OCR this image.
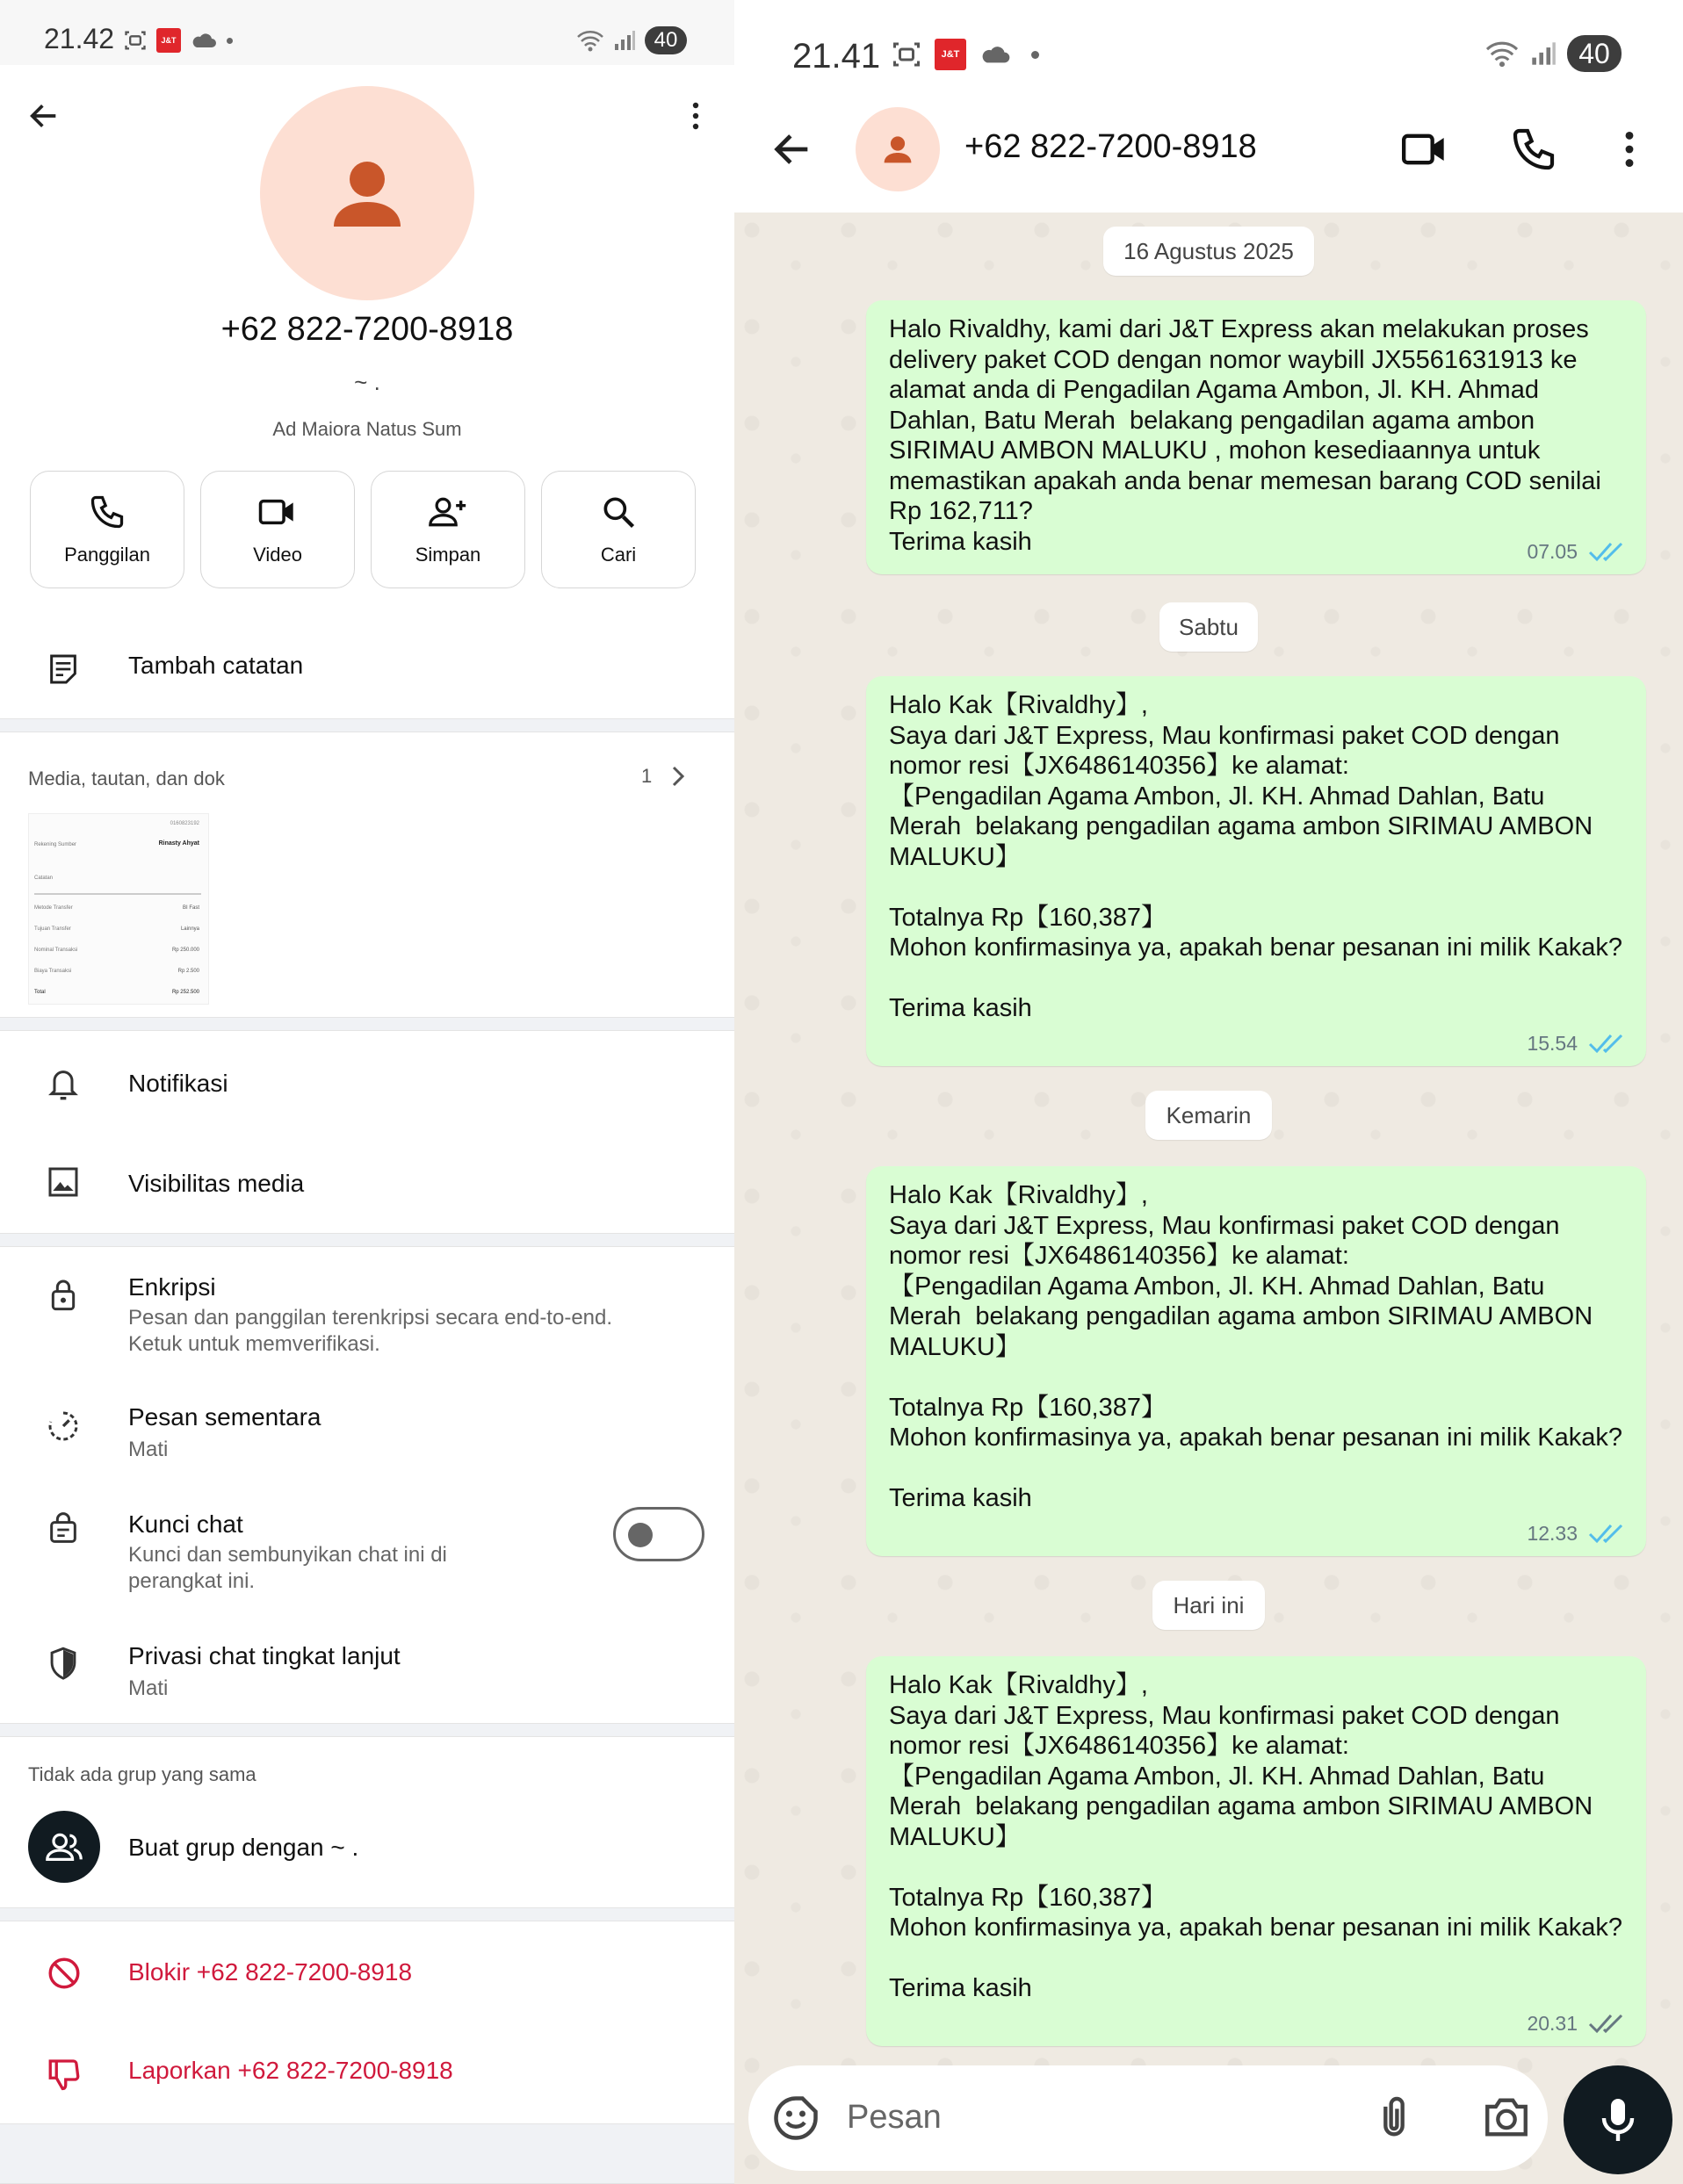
21.42	J&T	40
+62 822-7200-8918
~ .
Ad Maiora Natus Sum
Panggilan	Video	Simpan	Cari
Tambah catatan
Media, tautan, dan dok	1
0160823192
Rekening Sumber	Rinasty Ahyat
Catatan
Metode Transfer	BI Fast
Tujuan Transfer	Lainnya
Nominal Transaksi	Rp 250.000
Biaya Transaksi	Rp 2.500
Total	Rp 252.500
Notifikasi
Visibilitas media
Enkripsi
Pesan dan panggilan terenkripsi secara end-to-end.
Ketuk untuk memverifikasi.
Pesan sementara
Mati
Kunci chat
Kunci dan sembunyikan chat ini di
perangkat ini.
Privasi chat tingkat lanjut
Mati
Tidak ada grup yang sama
Buat grup dengan ~ .
Blokir +62 822-7200-8918
Laporkan +62 822-7200-8918
21.41	J&T	40
+62 822-7200-8918
16 Agustus 2025
Halo Rivaldhy, kami dari J&T Express akan melakukan proses
delivery paket COD dengan nomor waybill JX5561631913 ke
alamat anda di Pengadilan Agama Ambon, Jl. KH. Ahmad
Dahlan, Batu Merah  belakang pengadilan agama ambon
SIRIMAU AMBON MALUKU , mohon kesediaannya untuk
memastikan apakah anda benar memesan barang COD senilai
Rp 162,711?
Terima kasih	07.05
Sabtu
Halo Kak【Rivaldhy】,
Saya dari J&T Express, Mau konfirmasi paket COD dengan
nomor resi【JX6486140356】ke alamat:
【Pengadilan Agama Ambon, Jl. KH. Ahmad Dahlan, Batu
Merah  belakang pengadilan agama ambon SIRIMAU AMBON
MALUKU】

Totalnya Rp【160,387】
Mohon konfirmasinya ya, apakah benar pesanan ini milik Kakak?

Terima kasih
15.54
Kemarin
Halo Kak【Rivaldhy】,
Saya dari J&T Express, Mau konfirmasi paket COD dengan
nomor resi【JX6486140356】ke alamat:
【Pengadilan Agama Ambon, Jl. KH. Ahmad Dahlan, Batu
Merah  belakang pengadilan agama ambon SIRIMAU AMBON
MALUKU】

Totalnya Rp【160,387】
Mohon konfirmasinya ya, apakah benar pesanan ini milik Kakak?

Terima kasih
12.33
Hari ini
Halo Kak【Rivaldhy】,
Saya dari J&T Express, Mau konfirmasi paket COD dengan
nomor resi【JX6486140356】ke alamat:
【Pengadilan Agama Ambon, Jl. KH. Ahmad Dahlan, Batu
Merah  belakang pengadilan agama ambon SIRIMAU AMBON
MALUKU】

Totalnya Rp【160,387】
Mohon konfirmasinya ya, apakah benar pesanan ini milik Kakak?

Terima kasih
20.31
Pesan
